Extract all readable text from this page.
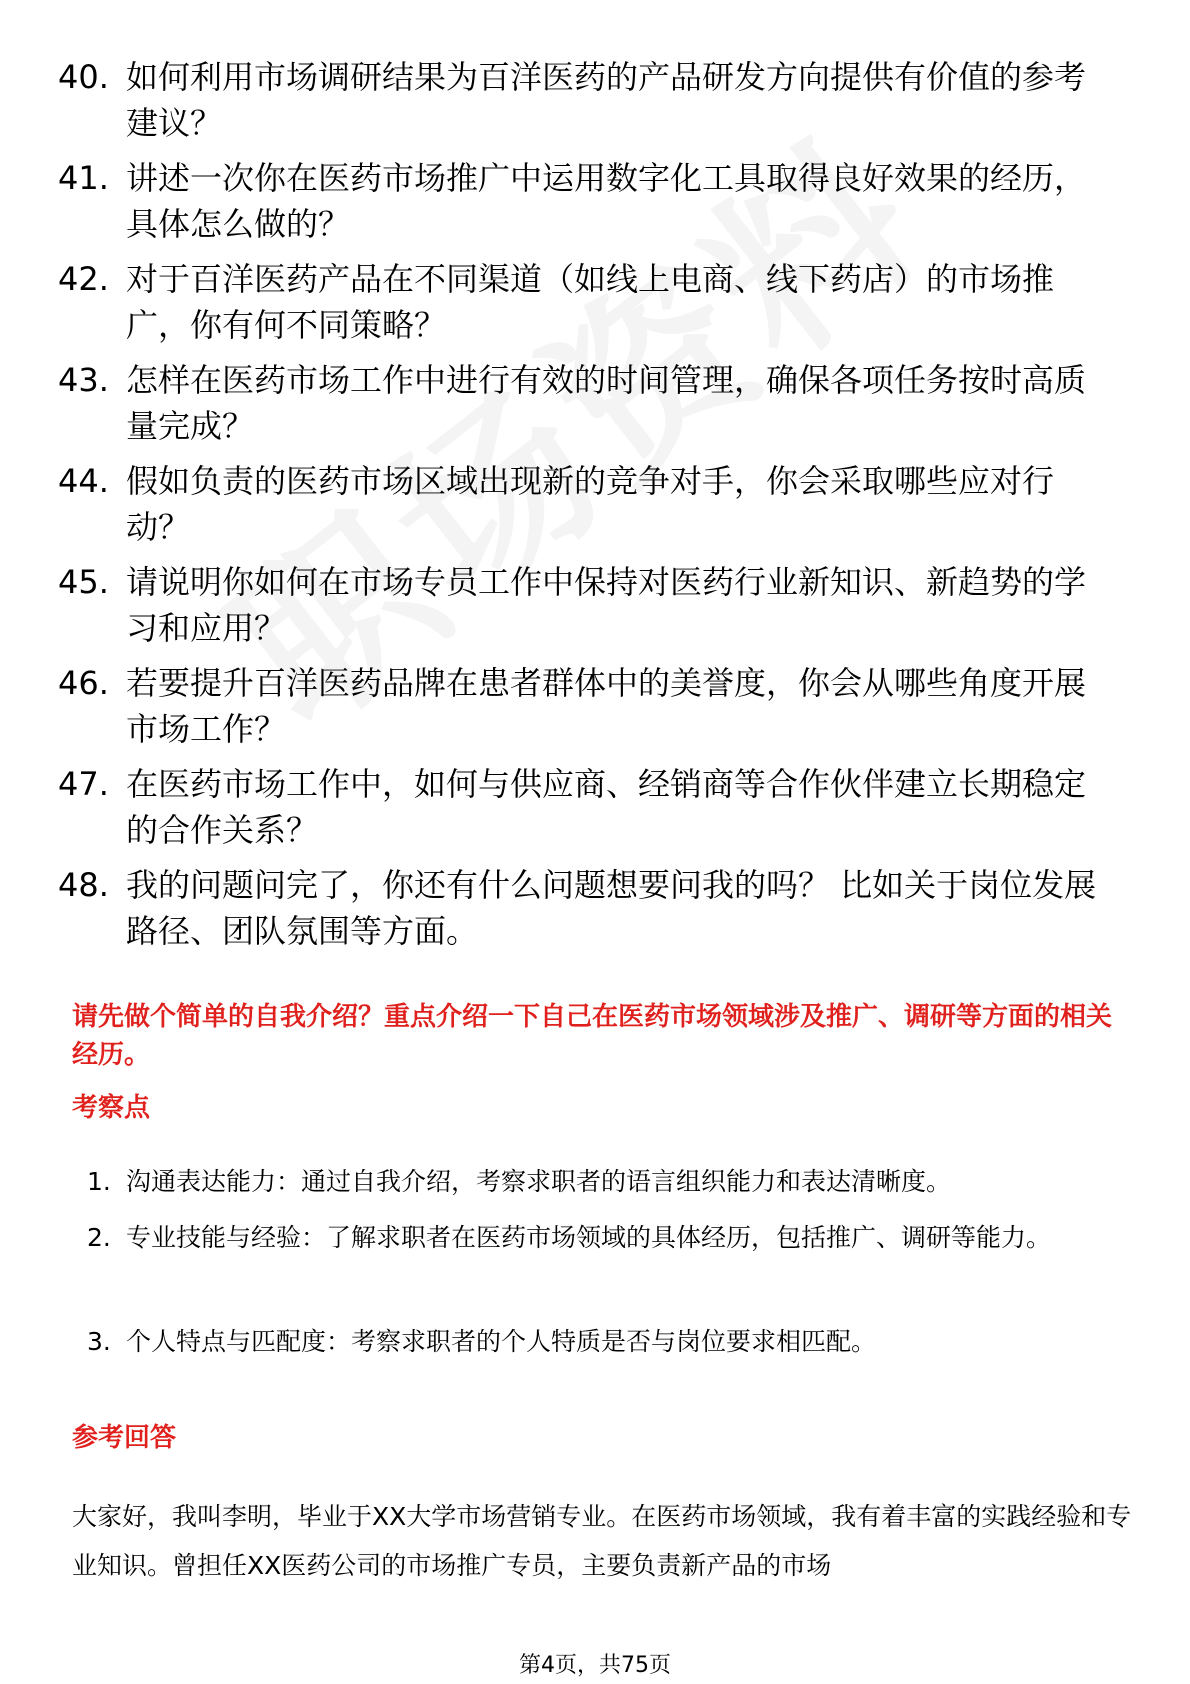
40. 如何利用市场调研结果为百洋医药的产品研发方向提供有价值的参考建议？
41. 讲述一次你在医药市场推广中运用数字化工具取得良好效果的经历，具体怎么做的？
42. 对于百洋医药产品在不同渠道（如线上电商、线下药店）的市场推广，你有何不同策略？
43. 怎样在医药市场工作中进行有效的时间管理，确保各项任务按时高质量完成？
44. 假如负责的医药市场区域出现新的竞争对手，你会采取哪些应对行动？
45. 请说明你如何在市场专员工作中保持对医药行业新知识、新趋势的学习和应用？
46. 若要提升百洋医药品牌在患者群体中的美誉度，你会从哪些角度开展市场工作？
47. 在医药市场工作中，如何与供应商、经销商等合作伙伴建立长期稳定的合作关系？
48. 我的问题问完了，你还有什么问题想要问我的吗？ 比如关于岗位发展路径、团队氛围等方面。

请先做个简单的自我介绍？重点介绍一下自己在医药市场领域涉及推广、调研等方面的相关经历。

考察点
1. 沟通表达能力：通过自我介绍，考察求职者的语言组织能力和表达清晰度。
2. 专业技能与经验：了解求职者在医药市场领域的具体经历，包括推广、调研等能力。
3. 个人特点与匹配度：考察求职者的个人特质是否与岗位要求相匹配。
参考回答

大家好，我叫李明，毕业于XX大学市场营销专业。在医药市场领域，我有着丰富的实践经验和专业知识。曾担任XX医药公司的市场推广专员，主要负责新产品的市场

第4页，共75页
